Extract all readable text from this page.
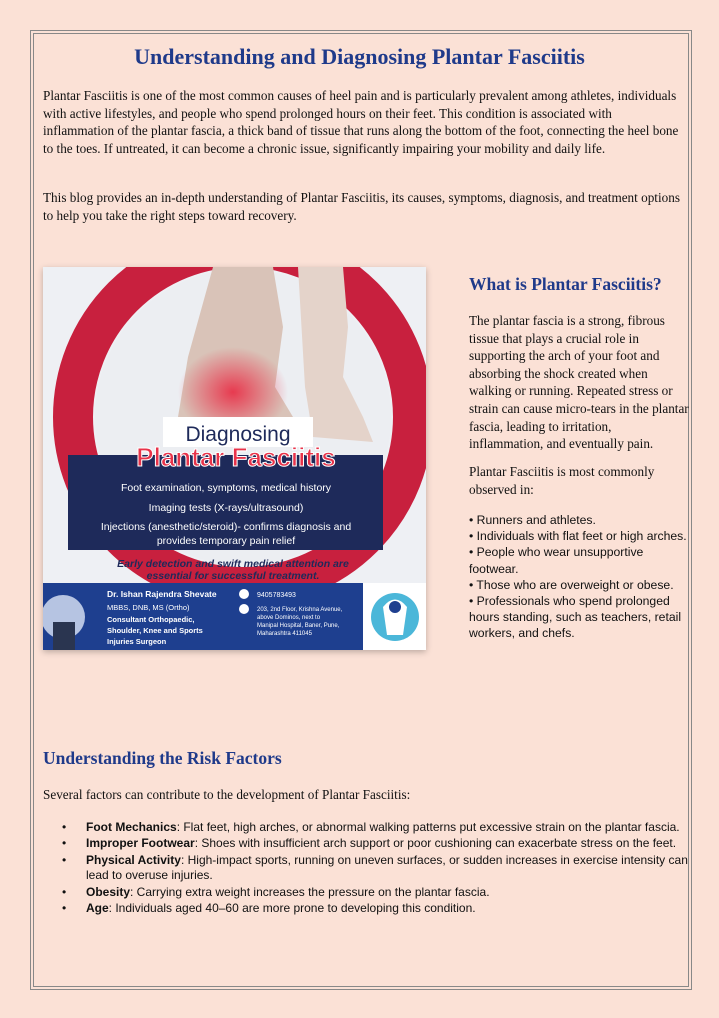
Understanding and Diagnosing Plantar Fasciitis
Plantar Fasciitis is one of the most common causes of heel pain and is particularly prevalent among athletes, individuals with active lifestyles, and people who spend prolonged hours on their feet. This condition is associated with inflammation of the plantar fascia, a thick band of tissue that runs along the bottom of the foot, connecting the heel bone to the toes. If untreated, it can become a chronic issue, significantly impairing your mobility and daily life.
This blog provides an in-depth understanding of Plantar Fasciitis, its causes, symptoms, diagnosis, and treatment options to help you take the right steps toward recovery.
Diagnosing
Plantar Fasciitis
Foot examination, symptoms, medical history
Imaging tests (X-rays/ultrasound)
Injections (anesthetic/steroid)- confirms diagnosis and
provides temporary pain relief
Early detection and swift medical attention are
essential for successful treatment.
Dr. Ishan Rajendra Shevate
MBBS, DNB, MS (Ortho)
Consultant Orthopaedic,
Shoulder, Knee and Sports
Injuries Surgeon
9405783493
203, 2nd Floor, Krishna Avenue,
above Dominos, next to
Manipal Hospital, Baner, Pune,
Maharashtra 411045
What is Plantar Fasciitis?
The plantar fascia is a strong, fibrous tissue that plays a crucial role in supporting the arch of your foot and absorbing the shock created when walking or running. Repeated stress or strain can cause micro-tears in the plantar fascia, leading to irritation, inflammation, and eventually pain.
Plantar Fasciitis is most commonly observed in:
• Runners and athletes.
• Individuals with flat feet or high arches.
• People who wear unsupportive footwear.
• Those who are overweight or obese.
• Professionals who spend prolonged hours standing, such as teachers, retail workers, and chefs.
Understanding the Risk Factors
Several factors can contribute to the development of Plantar Fasciitis:
• Foot Mechanics: Flat feet, high arches, or abnormal walking patterns put excessive strain on the plantar fascia.
• Improper Footwear: Shoes with insufficient arch support or poor cushioning can exacerbate stress on the feet.
• Physical Activity: High-impact sports, running on uneven surfaces, or sudden increases in exercise intensity can lead to overuse injuries.
• Obesity: Carrying extra weight increases the pressure on the plantar fascia.
• Age: Individuals aged 40–60 are more prone to developing this condition.
